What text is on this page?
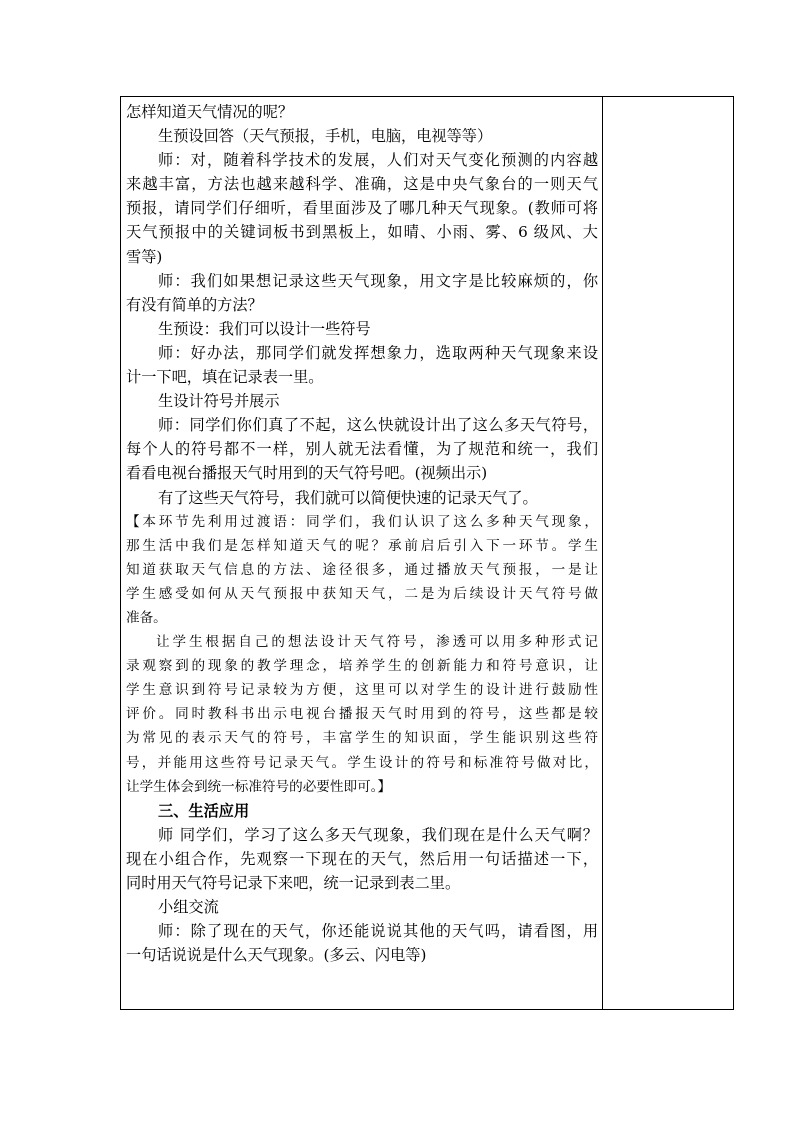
怎样知道天气情况的呢？
生预设回答（天气预报，手机，电脑，电视等等）
师：对，随着科学技术的发展，人们对天气变化预测的内容越
来越丰富，方法也越来越科学、准确，这是中央气象台的一则天气
预报，请同学们仔细听，看里面涉及了哪几种天气现象。(教师可将
天气预报中的关键词板书到黑板上，如晴、小雨、雾、6 级风、大
雪等)
师：我们如果想记录这些天气现象，用文字是比较麻烦的，你
有没有简单的方法？
生预设：我们可以设计一些符号
师：好办法，那同学们就发挥想象力，选取两种天气现象来设
计一下吧，填在记录表一里。
生设计符号并展示
师：同学们你们真了不起，这么快就设计出了这么多天气符号，
每个人的符号都不一样，别人就无法看懂，为了规范和统一，我们
看看电视台播报天气时用到的天气符号吧。(视频出示)
有了这些天气符号，我们就可以简便快速的记录天气了。
【本环节先利用过渡语：同学们，我们认识了这么多种天气现象，
那生活中我们是怎样知道天气的呢？承前启后引入下一环节。学生
知道获取天气信息的方法、途径很多，通过播放天气预报，一是让
学生感受如何从天气预报中获知天气，二是为后续设计天气符号做
准备。
让学生根据自己的想法设计天气符号，渗透可以用多种形式记
录观察到的现象的教学理念，培养学生的创新能力和符号意识，让
学生意识到符号记录较为方便，这里可以对学生的设计进行鼓励性
评价。同时教科书出示电视台播报天气时用到的符号，这些都是较
为常见的表示天气的符号，丰富学生的知识面，学生能识别这些符
号，并能用这些符号记录天气。学生设计的符号和标准符号做对比，
让学生体会到统一标准符号的必要性即可。】
三、生活应用
师 同学们，学习了这么多天气现象，我们现在是什么天气啊？
现在小组合作，先观察一下现在的天气，然后用一句话描述一下，
同时用天气符号记录下来吧，统一记录到表二里。
小组交流
师：除了现在的天气，你还能说说其他的天气吗，请看图，用
一句话说说是什么天气现象。(多云、闪电等)
